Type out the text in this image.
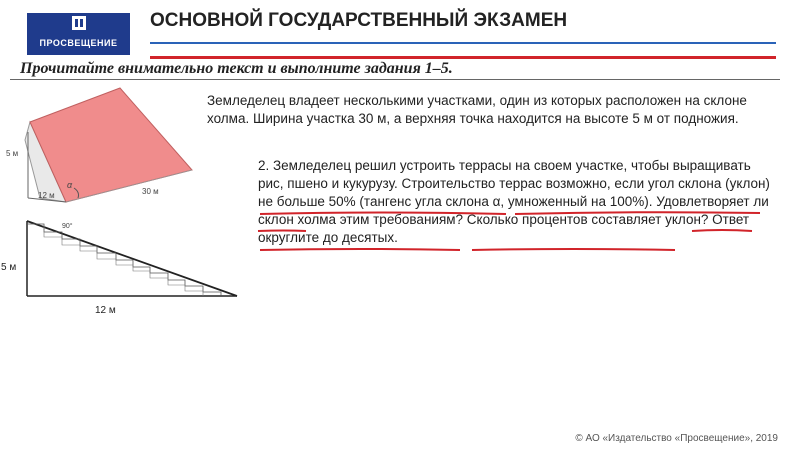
ПРОСВЕЩЕНИЕ
ОСНОВНОЙ ГОСУДАРСТВЕННЫЙ ЭКЗАМЕН
Прочитайте внимательно текст и выполните задания 1–5.
5 м
12 м	30 м
α
90°
5 м
12 м
Земледелец владеет несколькими участками, один из которых расположен на склоне холма. Ширина участка 30 м, а верхняя точка находится на высоте 5 м от подножия.
2. Земледелец решил устроить террасы на своем участке, чтобы выращивать рис, пшено и кукурузу. Строительство террас возможно, если угол склона (уклон) не больше 50% (тангенс угла склона α, умноженный на 100%). Удовлетворяет ли склон холма этим требованиям? Сколько процентов составляет уклон? Ответ округлите до десятых.
© АО «Издательство «Просвещение», 2019
